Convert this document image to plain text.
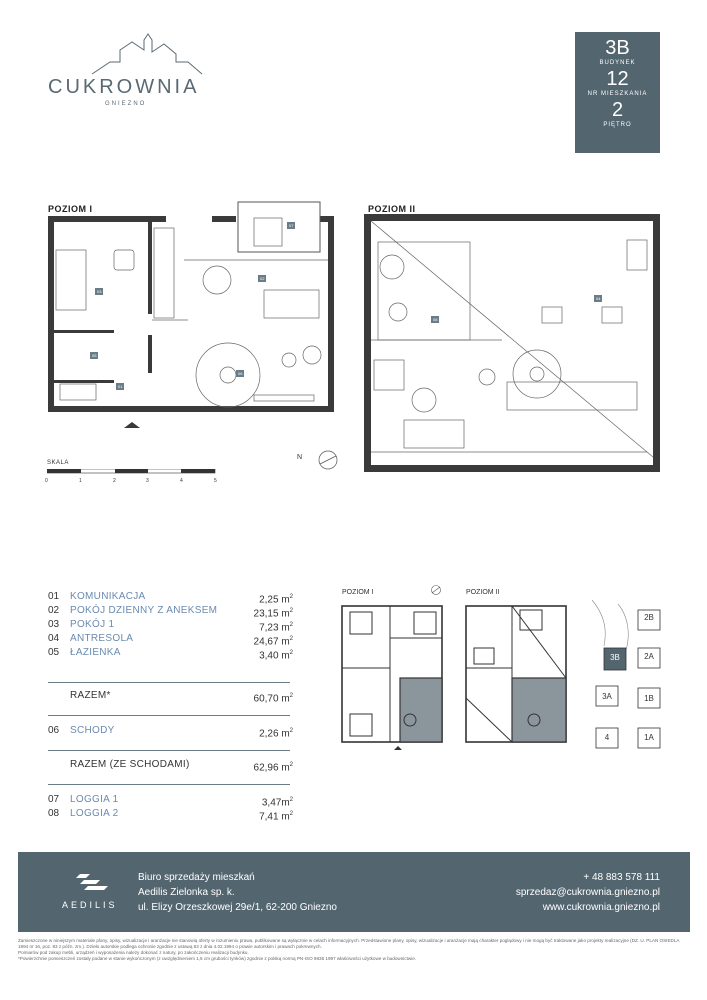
CUKROWNIA
GNIEZNO
3B
BUDYNEK
12
NR MIESZKANIA
2
PIĘTRO
POZIOM I
03
02
07
05
01
06
POZIOM II
08
04
N
SKALA
0	1	2	3	4	5
01 KOMUNIKACJA	2,25 $m^2$
02 POKÓJ DZIENNY Z ANEKSEM	23,15 $m^2$
03 POKÓJ 1	7,23 $m^2$
04 ANTRESOLA	24,67 $m^2$
05 ŁAZIENKA	3,40 $m^2$
RAZEM*	60,70 $m^2$
06 SCHODY	2,26 $m^2$
RAZEM (ZE SCHODAMI)	62,96 $m^2$
07 LOGGIA 1	$3,47m^2$
08 LOGGIA 2	7,41 $m^2$
POZIOM I	POZIOM II
2B
2A
3B
3A	1B
4	1A
AEDILIS
Biuro sprzedaży mieszkań
Aedilis Zielonka sp. k.
ul. Elizy Orzeszkowej 29e/1, 62-200 Gniezno
+ 48 883 578 111
sprzedaz@cukrownia.gniezno.pl
www.cukrownia.gniezno.pl
Zamieszczone w niniejszym materiale plany, opisy, wizualizacje i aranżacje nie stanowią oferty w rozumieniu prawa, publikowane są wyłącznie w celach informacyjnych. Przedstawione plany, opisy, wizualizacje i aranżacje mają charakter poglądowy i nie mogą być traktowane jako projekty realizacyjne (DZ. U. PLAN OSIEDLA 1994 nr 16, poz. 83 z późn. zm.). Dzieło autorskie podlega ochronie zgodnie z ustawą 83 z dnia 4.02.1994 o prawie autorskim i prawach pokrewnych.
Pomiarów pod zakup mebli, urządzeń i wyposażenia należy dokonać z natury, po zakończeniu realizacji budynku.
*Powierzchnie pomieszczeń zostały podane w stanie wykończonym (z uwzględnieniem 1,5 cm grubości tynków) zgodnie z polską normą PN-ISO 9836 1997 właściwości użytkowe w budownictwie.
